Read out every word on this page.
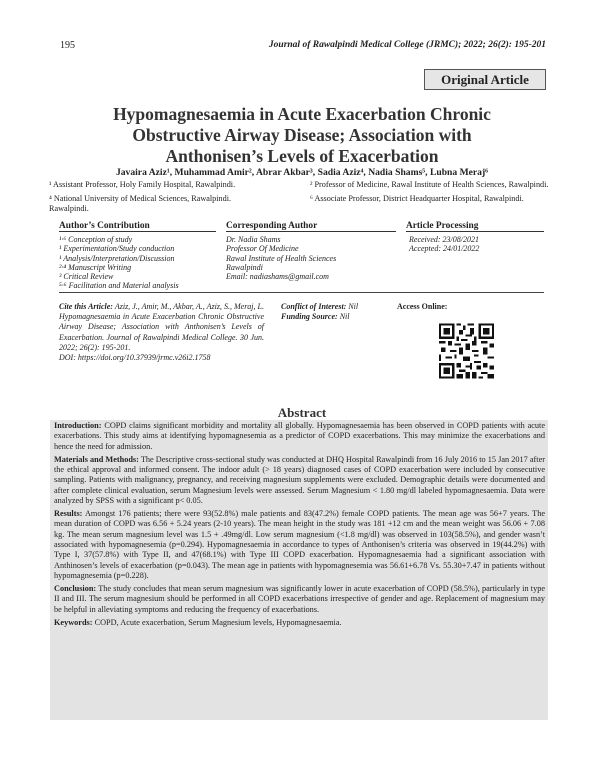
195	Journal of Rawalpindi Medical College (JRMC); 2022; 26(2): 195-201
Original Article
Hypomagnesaemia in Acute Exacerbation Chronic
Obstructive Airway Disease; Association with
Anthonisen’s Levels of Exacerbation
Javaira Aziz¹, Muhammad Amir², Abrar Akbar³, Sadia Aziz⁴, Nadia Shams⁵, Lubna Meraj⁶
¹ Assistant Professor, Holy Family Hospital, Rawalpindi.
⁴ National University of Medical Sciences, Rawalpindi. Rawalpindi.
² Professor of Medicine, Rawal Institute of Health Sciences, Rawalpindi.
⁶ Associate Professor, District Headquarter Hospital, Rawalpindi.
Author’s Contribution	Corresponding Author	Article Processing
¹·⁶ Conception of study
¹ Experimentation/Study conduction
¹ Analysis/Interpretation/Discussion
²·⁴ Manuscript Writing
³ Critical Review
⁵·⁶ Facilitation and Material analysis
Dr. Nadia Shams
Professor Of Medicine
Rawal Institute of Health Sciences
Rawalpindi
Email: nadiashams@gmail.com
Received: 23/08/2021
Accepted: 24/01/2022
Cite this Article: Aziz, J., Amir, M., Akbar, A., Aziz, S., Meraj, L. Hypomagnesaemia in Acute Exacerbation Chronic Obstructive Airway Disease; Association with Anthonisen’s Levels of Exacerbation. Journal of Rawalpindi Medical College. 30 Jun. 2022; 26(2): 195-201.
DOI: https://doi.org/10.37939/jrmc.v26i2.1758
Conflict of Interest: Nil
Funding Source: Nil
Access Online:
Abstract

Introduction: COPD claims significant morbidity and mortality all globally. Hypomagnesaemia has been observed in COPD patients with acute exacerbations. This study aims at identifying hypomagnesemia as a predictor of COPD exacerbations. This may minimize the exacerbations and hence the need for admission.

Materials and Methods: The Descriptive cross-sectional study was conducted at DHQ Hospital Rawalpindi from 16 July 2016 to 15 Jan 2017 after the ethical approval and informed consent. The indoor adult (> 18 years) diagnosed cases of COPD exacerbation were included by consecutive sampling. Patients with malignancy, pregnancy, and receiving magnesium supplements were excluded. Demographic details were documented and after complete clinical evaluation, serum Magnesium levels were assessed. Serum Magnesium < 1.80 mg/dl labeled hypomagnesaemia. Data were analyzed by SPSS with a significant p< 0.05.

Results: Amongst 176 patients; there were 93(52.8%) male patients and 83(47.2%) female COPD patients. The mean age was 56+7 years. The mean duration of COPD was 6.56 + 5.24 years (2-10 years). The mean height in the study was 181 +12 cm and the mean weight was 56.06 + 7.08 kg. The mean serum magnesium level was 1.5 + .49mg/dl. Low serum magnesium (<1.8 mg/dl) was observed in 103(58.5%), and gender wasn’t associated with hypomagnesemia (p=0.294). Hypomagnesaemia in accordance to types of Anthonisen’s criteria was observed in 19(44.2%) with Type I, 37(57.8%) with Type II, and 47(68.1%) with Type III COPD exacerbation. Hypomagnesaemia had a significant association with Anthinosen’s levels of exacerbation (p=0.043). The mean age in patients with hypomagnesemia was 56.61+6.78 Vs. 55.30+7.47 in patients without hypomagnesemia (p=0.228).

Conclusion: The study concludes that mean serum magnesium was significantly lower in acute exacerbation of COPD (58.5%), particularly in type II and III. The serum magnesium should be performed in all COPD exacerbations irrespective of gender and age. Replacement of magnesium may be helpful in alleviating symptoms and reducing the frequency of exacerbations.

Keywords: COPD, Acute exacerbation, Serum Magnesium levels, Hypomagnesaemia.
